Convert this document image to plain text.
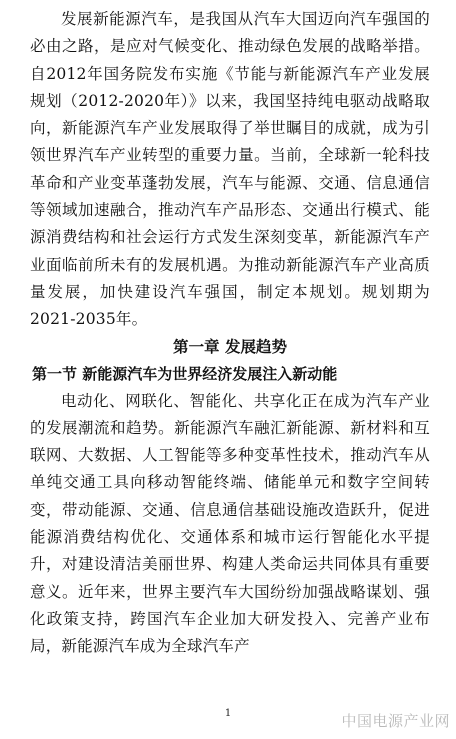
发展新能源汽车，是我国从汽车大国迈向汽车强国的必由之路，是应对气候变化、推动绿色发展的战略举措。自2012年国务院发布实施《节能与新能源汽车产业发展规划（2012-2020年）》以来，我国坚持纯电驱动战略取向，新能源汽车产业发展取得了举世瞩目的成就，成为引领世界汽车产业转型的重要力量。当前，全球新一轮科技革命和产业变革蓬勃发展，汽车与能源、交通、信息通信等领域加速融合，推动汽车产品形态、交通出行模式、能源消费结构和社会运行方式发生深刻变革，新能源汽车产业面临前所未有的发展机遇。为推动新能源汽车产业高质量发展，加快建设汽车强国，制定本规划。规划期为2021-2035年。

第一章 发展趋势
第一节 新能源汽车为世界经济发展注入新动能

电动化、网联化、智能化、共享化正在成为汽车产业的发展潮流和趋势。新能源汽车融汇新能源、新材料和互联网、大数据、人工智能等多种变革性技术，推动汽车从单纯交通工具向移动智能终端、储能单元和数字空间转变，带动能源、交通、信息通信基础设施改造跃升，促进能源消费结构优化、交通体系和城市运行智能化水平提升，对建设清洁美丽世界、构建人类命运共同体具有重要意义。近年来，世界主要汽车大国纷纷加强战略谋划、强化政策支持，跨国汽车企业加大研发投入、完善产业布局，新能源汽车成为全球汽车产

1	中国电源产业网
